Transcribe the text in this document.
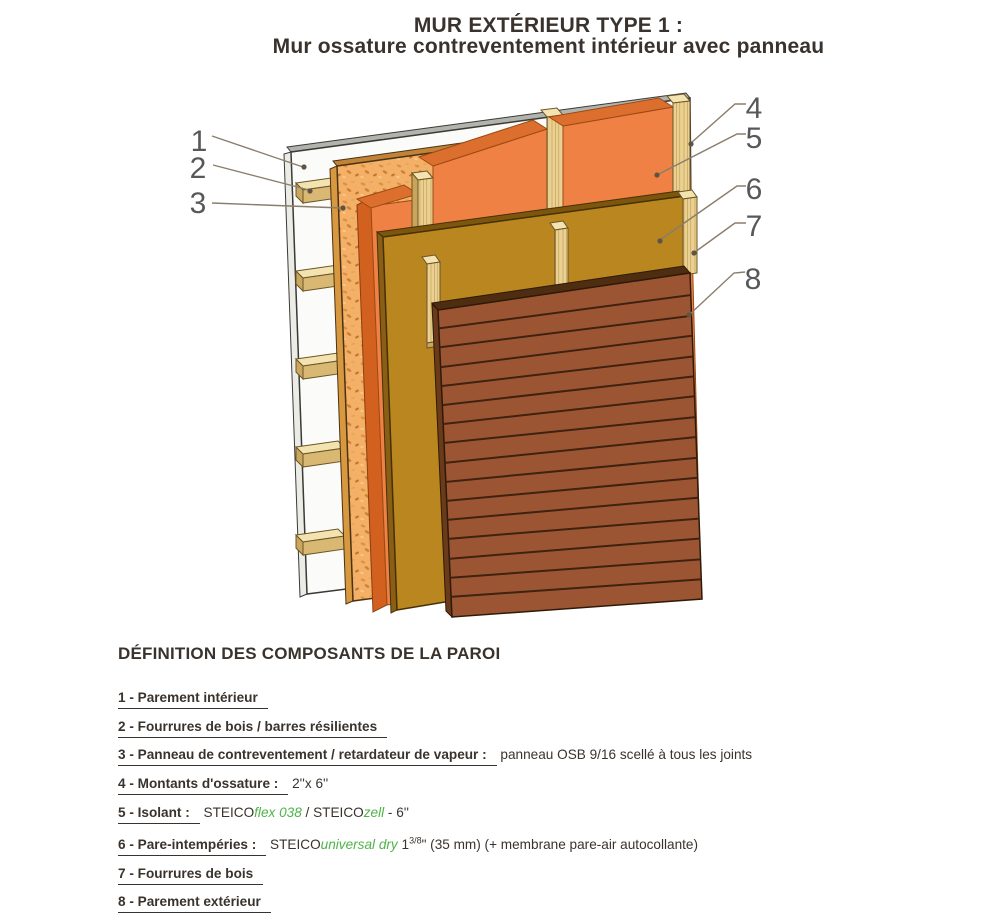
MUR EXTÉRIEUR TYPE 1 :
Mur ossature contreventement intérieur avec panneau
1
2
3
4
5
6
7
8
DÉFINITION DES COMPOSANTS DE LA PAROI
1 - Parement intérieur
2 - Fourrures de bois / barres résilientes
3 - Panneau de contreventement / retardateur de vapeur : panneau OSB 9/16 scellé à tous les joints
4 - Montants d'ossature : 2''x 6''
5 - Isolant : STEICOflex 038 / STEICOzell - 6''
6 - Pare-intempéries : STEICOuniversal dry $1^{3/8}$" (35 mm) (+ membrane pare-air autocollante)
7 - Fourrures de bois
8 - Parement extérieur
